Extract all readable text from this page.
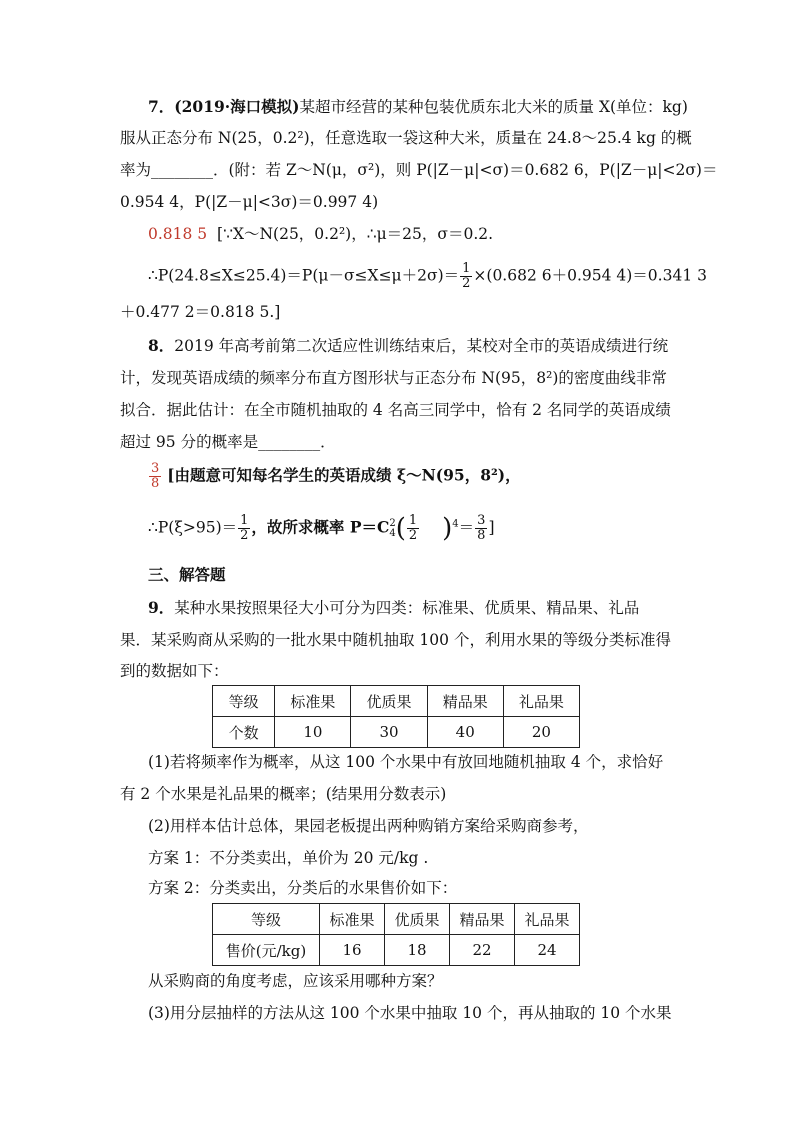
7．(2019·海口模拟)某超市经营的某种包装优质东北大米的质量 X(单位：kg)
服从正态分布 N(25，0.2²)，任意选取一袋这种大米，质量在 24.8～25.4 kg 的概
率为________．(附：若 Z～N(μ，σ²)，则 P(|Z－μ|<σ)＝0.682 6，P(|Z－μ|<2σ)＝
0.954 4，P(|Z－μ|<3σ)＝0.997 4)
0.818 5 [∵X～N(25，0.2²)，∴μ＝25，σ＝0.2.
∴P(24.8≤X≤25.4)＝P(μ－σ≤X≤μ＋2σ)＝ $\frac{1}{2} \times(0.682$ 6＋0.954 4)＝0.341 3
＋0.477 2＝0.818 5.]
8．2019 年高考前第二次适应性训练结束后，某校对全市的英语成绩进行统
计，发现英语成绩的频率分布直方图形状与正态分布 N(95，8²)的密度曲线非常
拟合．据此估计：在全市随机抽取的 4 名高三同学中，恰有 2 名同学的英语成绩
超过 95 分的概率是________．
$\frac{3}{8}$ [由题意可知每名学生的英语成绩 ξ～N(95，8²)，
∴P(ξ>95)＝ $\frac{1}{2}$ ，故所求概率 P＝C 2
4 ( $\frac{1}{2} )^4= \frac{3}{8}$ ]
三、解答题
9．某种水果按照果径大小可分为四类：标准果、优质果、精品果、礼品
果．某采购商从采购的一批水果中随机抽取 100 个，利用水果的等级分类标准得
到的数据如下：
等级	标准果	优质果	精品果	礼品果
个数	10	30	40	20
(1)若将频率作为概率，从这 100 个水果中有放回地随机抽取 4 个，求恰好
有 2 个水果是礼品果的概率；(结果用分数表示)
(2)用样本估计总体，果园老板提出两种购销方案给采购商参考，
方案 1：不分类卖出，单价为 20 元/kg .
方案 2：分类卖出，分类后的水果售价如下：
等级	标准果	优质果	精品果	礼品果
售价(元/kg)	16	18	22	24
从采购商的角度考虑，应该采用哪种方案？
(3)用分层抽样的方法从这 100 个水果中抽取 10 个，再从抽取的 10 个水果
